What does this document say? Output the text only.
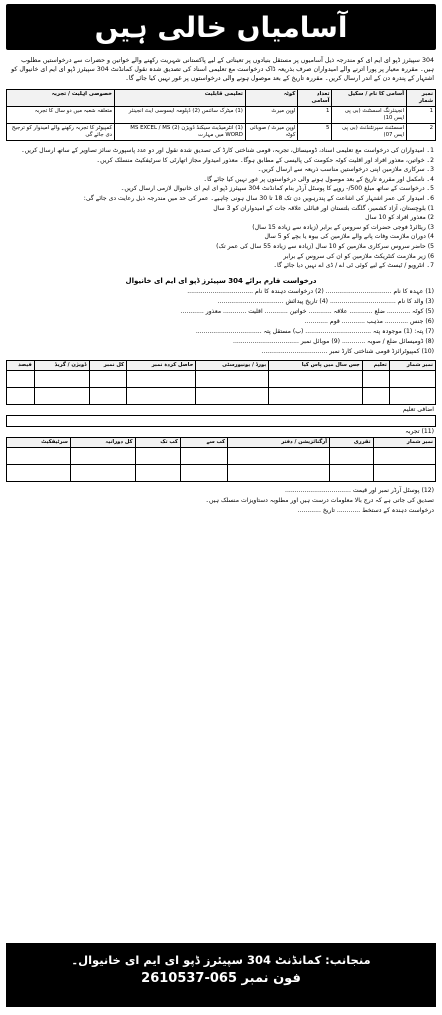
آسامیاں خالی ہیں
304 سپیئرز ڈپو ای ایم ای کو مندرجہ ذیل آسامیوں پر مستقل بنیادوں پر تعیناتی کے لیے پاکستانی شہریت رکھنے والے خواتین و حضرات سے درخواستیں مطلوب ہیں۔ مقررہ معیار پر پورا اترنے والے امیدواران صرف بذریعہ ڈاک درخواست مع تعلیمی اسناد کی تصدیق شدہ نقول کمانڈنٹ 304 سپیئرز ڈپو ای ایم ای خانیوال کو اشتہار کے پندرہ دن کے اندر ارسال کریں۔ مقررہ تاریخ کے بعد موصول ہونے والی درخواستوں پر غور نہیں کیا جائے گا۔
نمبر شمار	آسامی کا نام / سکیل	تعداد آسامی	کوٹہ	تعلیمی قابلیت	خصوصی اہلیت / تجربہ
1	انجینئرنگ اسسٹنٹ (بی پی ایس 10)	1	اوپن میرٹ	(1) میٹرک سائنس (2) ڈپلومہ ایسوسی ایٹ انجینئر	متعلقہ شعبہ میں دو سال کا تجربہ
2	اسسٹنٹ سپرنٹنڈنٹ (بی پی ایس 07)	5	اوپن میرٹ / صوبائی کوٹہ	(1) انٹرمیڈیٹ سیکنڈ ڈویژن (2) MS EXCEL / MS WORD میں مہارت	کمپیوٹر کا تجربہ رکھنے والے امیدوار کو ترجیح دی جائے گی

1۔ امیدواران کی درخواست مع تعلیمی اسناد، ڈومیسائل، تجربہ، قومی شناختی کارڈ کی تصدیق شدہ نقول اور دو عدد پاسپورٹ سائز تصاویر کے ساتھ ارسال کریں۔

2۔ خواتین، معذور افراد اور اقلیت کوٹہ حکومت کی پالیسی کے مطابق ہوگا۔ معذور امیدوار مجاز اتھارٹی کا سرٹیفکیٹ منسلک کریں۔

3۔ سرکاری ملازمین اپنی درخواستیں مناسب ذریعہ سے ارسال کریں۔

4۔ نامکمل اور مقررہ تاریخ کے بعد موصول ہونے والی درخواستوں پر غور نہیں کیا جائے گا۔

5۔ درخواست کے ساتھ مبلغ 500/- روپے کا پوسٹل آرڈر بنام کمانڈنٹ 304 سپیئرز ڈپو ای ایم ای خانیوال لازمی ارسال کریں۔

6۔ امیدوار کی عمر اشتہار کی اشاعت کے پندرہویں دن تک 18 تا 30 سال ہونی چاہیے۔ عمر کی حد میں مندرجہ ذیل رعایت دی جائے گی:

1) بلوچستان، آزاد کشمیر، گلگت بلتستان اور قبائلی علاقہ جات کے امیدواران کو 3 سال

2) معذور افراد کو 10 سال

3) ریٹائرڈ فوجی حضرات کو سروس کے برابر (زیادہ سے زیادہ 15 سال)

4) دوران ملازمت وفات پانے والے ملازمین کی بیوہ یا بچے کو 5 سال

5) حاضر سروس سرکاری ملازمین کو 10 سال (زیادہ سے زیادہ 55 سال کی عمر تک)

6) زیر ملازمت کنٹریکٹ ملازمین کو ان کی سروس کے برابر

7۔ انٹرویو / ٹیسٹ کے لیے کوئی ٹی اے / ڈی اے نہیں دیا جائے گا۔

درخواست فارم برائے 304 سپیئرز ڈپو ای ایم ای خانیوال
(1) عہدہ کا نام .................................. (2) درخواست دہندہ کا نام ..................................
(3) والد کا نام .................................. (4) تاریخ پیدائش ..................................
(5) کوٹہ ............ ضلع ............ علاقہ ............ خواتین ............ اقلیت ............ معذور ............
(6) جنس ............ مذہب ............ قوم ............
(7) پتہ: (1) موجودہ پتہ .................................. (ب) مستقل پتہ ..................................
(8) ڈومیسائل ضلع / صوبہ ............ (9) موبائل نمبر ..................................
(10) کمپیوٹرائزڈ قومی شناختی کارڈ نمبر ..................................
نمبر شمار	تعلیم	جس سال میں پاس کیا	بورڈ / یونیورسٹی	حاصل کردہ نمبر	کل نمبر	ڈویژن / گریڈ	فیصد

اضافی تعلیم
(11) تجربہ
نمبر شمار	تقرری	آرگنائزیشن / دفتر	کب سے	کب تک	کل دورانیہ	سرٹیفکیٹ

(12) پوسٹل آرڈر نمبر اور قیمت ..................................
تصدیق کی جاتی ہے کہ درج بالا معلومات درست ہیں اور مطلوبہ دستاویزات منسلک ہیں۔
درخواست دہندہ کے دستخط ............ تاریخ ............
منجانب: کمانڈنٹ 304 سپیئرز ڈپو ای ایم ای خانیوال۔
فون نمبر 065-2610537
